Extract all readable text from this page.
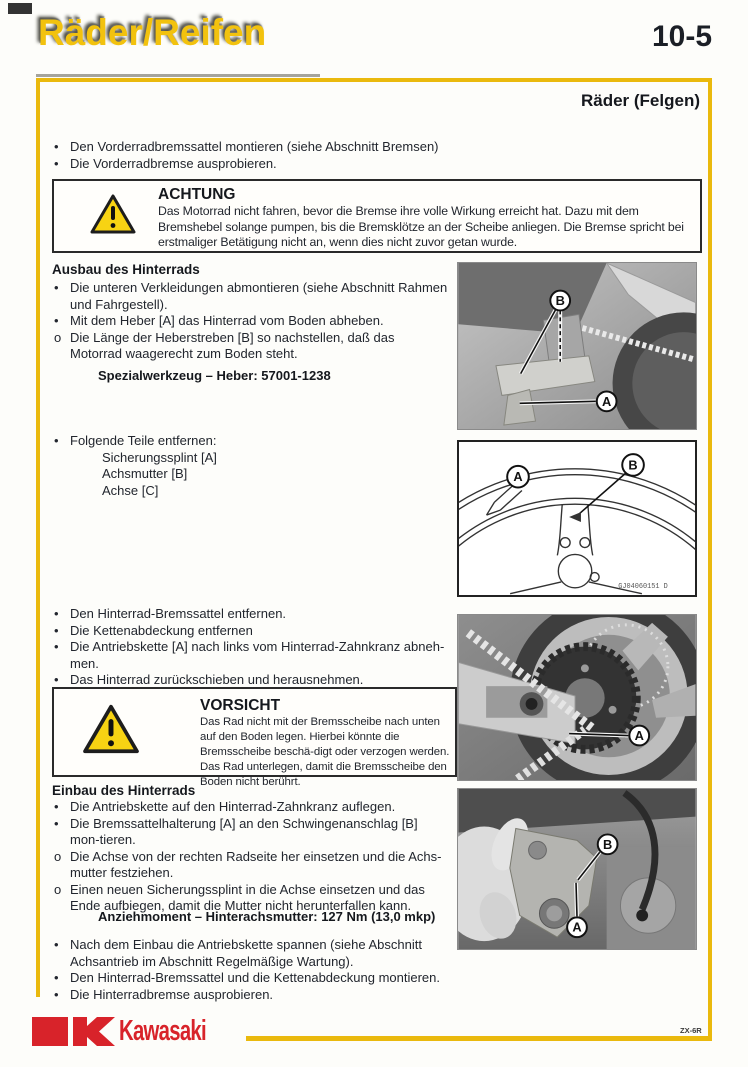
Räder/Reifen	10-5
Räder (Felgen)
• Den Vorderradbremssattel montieren (siehe Abschnitt Bremsen)
• Die Vorderradbremse ausprobieren.
ACHTUNG
Das Motorrad nicht fahren, bevor die Bremse ihre volle Wirkung erreicht hat. Dazu mit dem Bremshebel solange pumpen, bis die Bremsklötze an der Scheibe anliegen. Die Bremse spricht bei erstmaliger Betätigung nicht an, wenn dies nicht zuvor getan wurde.
Ausbau des Hinterrads
• Die unteren Verkleidungen abmontieren (siehe Abschnitt Rahmen und Fahrgestell).
• Mit dem Heber [A] das Hinterrad vom Boden abheben.
o Die Länge der Heberstreben [B] so nachstellen, daß das Motorrad waagerecht zum Boden steht.
Spezialwerkzeug – Heber: 57001-1238
• Folgende Teile entfernen:
Sicherungssplint [A]
Achsmutter [B]
Achse [C]
• Den Hinterrad-Bremssattel entfernen.
• Die Kettenabdeckung entfernen
• Die Antriebskette [A] nach links vom Hinterrad-Zahnkranz abneh-men.
• Das Hinterrad zurückschieben und herausnehmen.
VORSICHT
Das Rad nicht mit der Bremsscheibe nach unten auf den Boden legen. Hierbei könnte die Bremsscheibe beschä-digt oder verzogen werden. Das Rad unterlegen, damit die Bremsscheibe den Boden nicht berührt.
Einbau des Hinterrads
• Die Antriebskette auf den Hinterrad-Zahnkranz auflegen.
• Die Bremssattelhalterung [A] an den Schwingenanschlag [B] mon-tieren.
o Die Achse von der rechten Radseite her einsetzen und die Achs-mutter festziehen.
o Einen neuen Sicherungssplint in die Achse einsetzen und das Ende aufbiegen, damit die Mutter nicht herunterfallen kann.
Anziehmoment – Hinterachsmutter: 127 Nm (13,0 mkp)
• Nach dem Einbau die Antriebskette spannen (siehe Abschnitt Achsantrieb im Abschnitt Regelmäßige Wartung).
• Den Hinterrad-Bremssattel und die Kettenabdeckung montieren.
• Die Hinterradbremse ausprobieren.
B
A
A
B
GJ04060151 D
A
B
A
Kawasaki	ZX-6R
